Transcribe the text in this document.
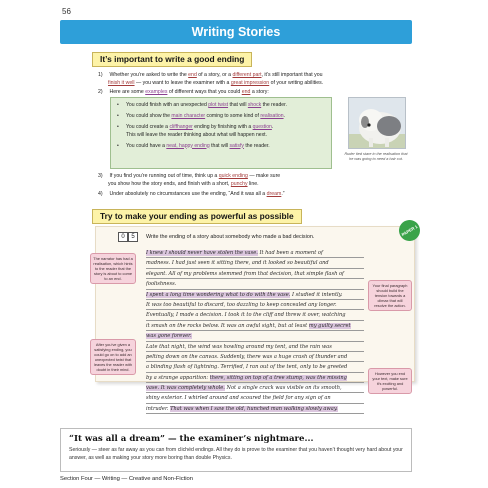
56
Writing Stories
It’s important to write a good ending
1) Whether you’re asked to write the end of a story, or a different part, it’s still important that you
finish it well — you want to leave the examiner with a great impression of your writing abilities.
2) Here are some examples of different ways that you could end a story:
•	You could finish with an unexpected plot twist that will shock the reader.
•	You could show the main character coming to some kind of realisation.
•	You could create a cliffhanger ending by finishing with a question.
This will leave the reader thinking about what will happen next.
•	You could have a neat, happy ending that will satisfy the reader.
Ruder tied stare in the realisation that he was going to need a hair cut.
3) If you find you’re running out of time, think up a quick ending — make sure
you show how the story ends, and finish with a short, punchy line.
4) Under absolutely no circumstances use the ending, “And it was all a dream.”
Try to make your ending as powerful as possible
PAPER 1
0	5	Write the ending of a story about somebody who made a bad decision.
I knew I should never have stolen the vase. It had been a moment of
madness. I had just seen it sitting there, and it looked so beautiful and
elegant. All of my problems stemmed from that decision, that simple flash of
foolishness.
I spent a long time wondering what to do with the vase. I studied it intently.
It was too beautiful to discard, too dazzling to keep concealed any longer.
Eventually, I made a decision. I took it to the cliff and threw it over, watching
it smash on the rocks below. It was an awful sight, but at least my guilty secret
was gone forever.
Late that night, the wind was howling around my tent, and the rain was
pelting down on the canvas. Suddenly, there was a huge crash of thunder and
a blinding flash of lightning. Terrified, I ran out of the tent, only to be greeted
by a strange apparition: there, sitting on top of a tree stump, was the missing
vase. It was completely whole. Not a single crack was visible on its smooth,
shiny exterior. I whirled around and scoured the field for any sign of an
intruder. That was when I saw the old, hunched man walking slowly away.
The narrator has had a realisation, which hints to the reader that the story is about to come to an end.
After you’ve given a satisfying ending, you could go on to add an unexpected twist that leaves the reader with doubt in their mind.
Your final paragraph should build the tension towards a climax that will resolve the action.
However you end your text, make sure it’s exciting and powerful.
“It was all a dream” — the examiner’s nightmare...
Seriously — steer as far away as you can from clichéd endings. All they do is prove to the examiner that you haven’t thought very hard about your answer, as well as making your story more boring than double Physics.
Section Four — Writing — Creative and Non-Fiction
